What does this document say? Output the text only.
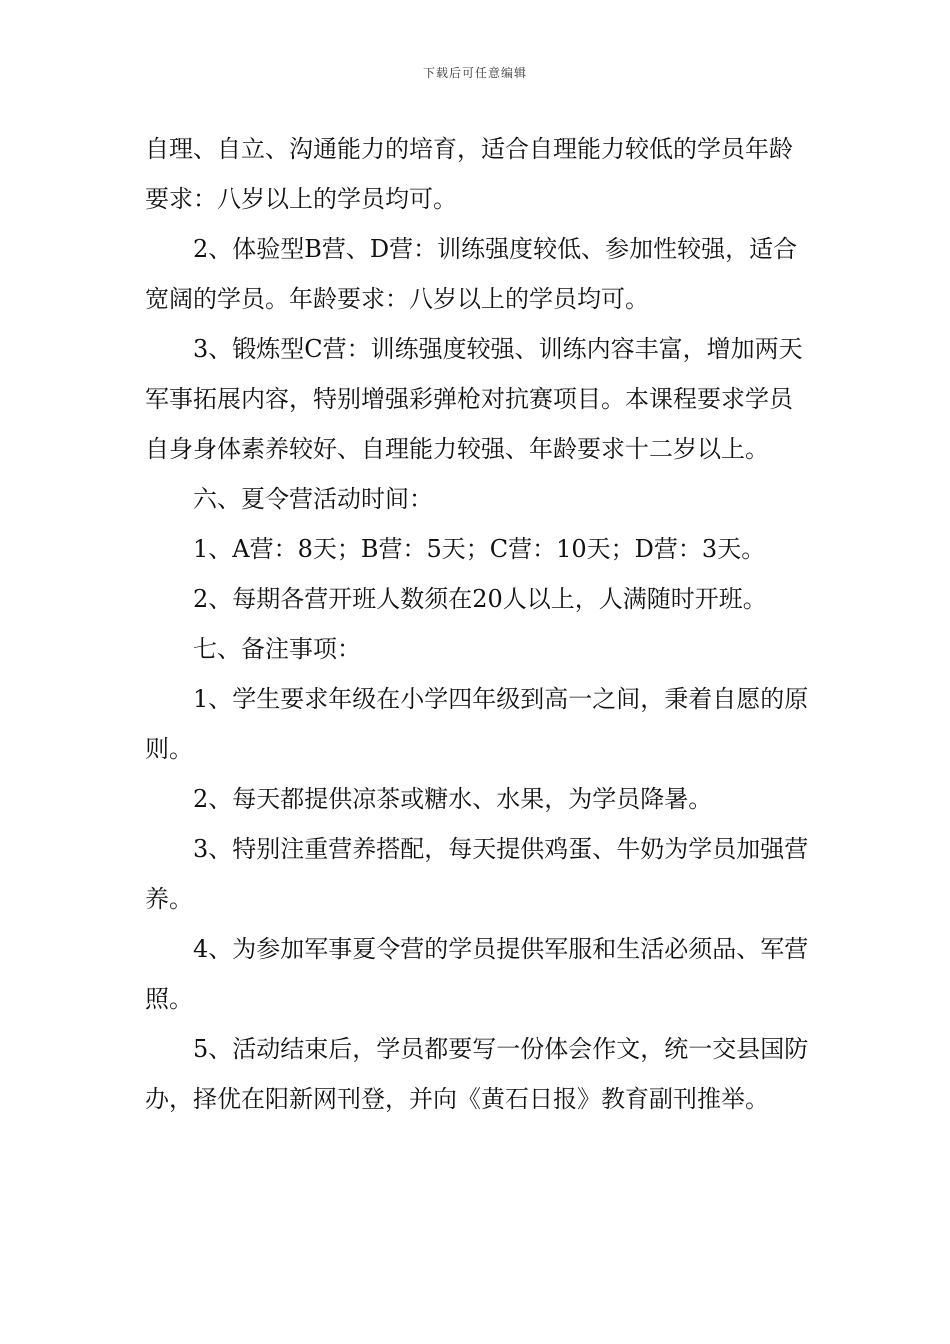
下载后可任意编辑

自理、自立、沟通能力的培育，适合自理能力较低的学员年龄要求：八岁以上的学员均可。

2、体验型B营、D营：训练强度较低、参加性较强，适合宽阔的学员。年龄要求：八岁以上的学员均可。

3、锻炼型C营：训练强度较强、训练内容丰富，增加两天军事拓展内容，特别增强彩弹枪对抗赛项目。本课程要求学员自身身体素养较好、自理能力较强、年龄要求十二岁以上。

六、夏令营活动时间：

1、A营：8天；B营：5天；C营：10天；D营：3天。

2、每期各营开班人数须在20人以上，人满随时开班。

七、备注事项：

1、学生要求年级在小学四年级到高一之间，秉着自愿的原则。

2、每天都提供凉茶或糖水、水果，为学员降暑。

3、特别注重营养搭配，每天提供鸡蛋、牛奶为学员加强营养。

4、为参加军事夏令营的学员提供军服和生活必须品、军营照。

5、活动结束后，学员都要写一份体会作文，统一交县国防办，择优在阳新网刊登，并向《黄石日报》教育副刊推举。
